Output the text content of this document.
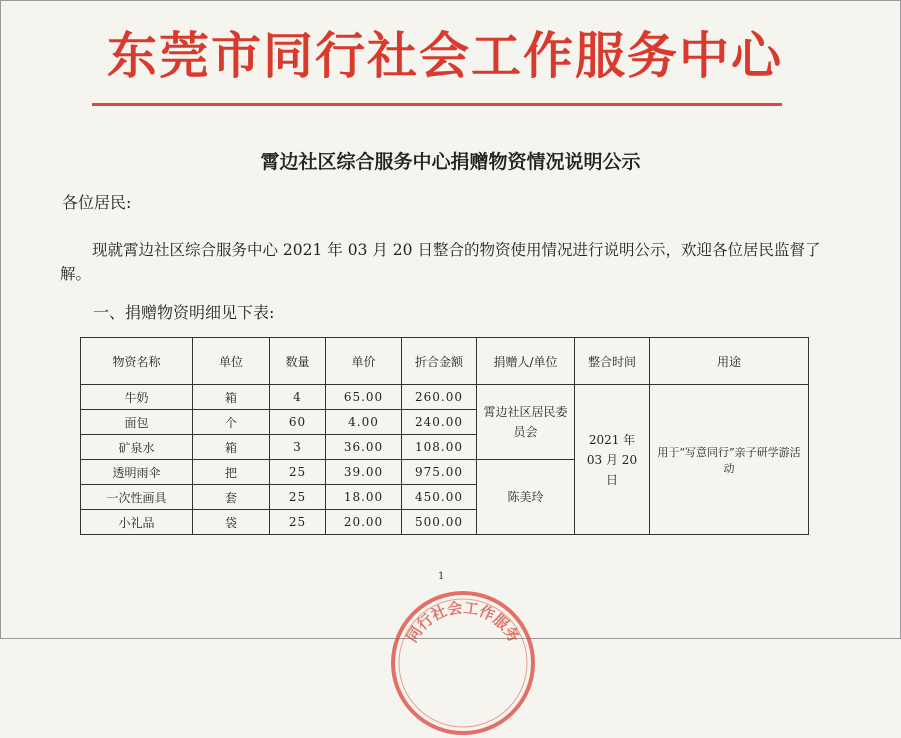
东莞市同行社会工作服务中心
霄边社区综合服务中心捐赠物资情况说明公示
各位居民:
现就霄边社区综合服务中心 2021 年 03 月 20 日整合的物资使用情况进行说明公示，欢迎各位居民监督了解。
一、捐赠物资明细见下表:
物资名称	单位	数量	单价	折合金额	捐赠人/单位	整合时间	用途
牛奶	箱	4	65.00	260.00	霄边社区居民委员会	2021 年 03 月 20 日	用于“写意同行”亲子研学游活动
面包	个	60	4.00	240.00			
矿泉水	箱	3	36.00	108.00			
透明雨伞	把	25	39.00	975.00	陈美玲		
一次性画具	套	25	18.00	450.00			
小礼品	袋	25	20.00	500.00			
1
同行社会工作服务
